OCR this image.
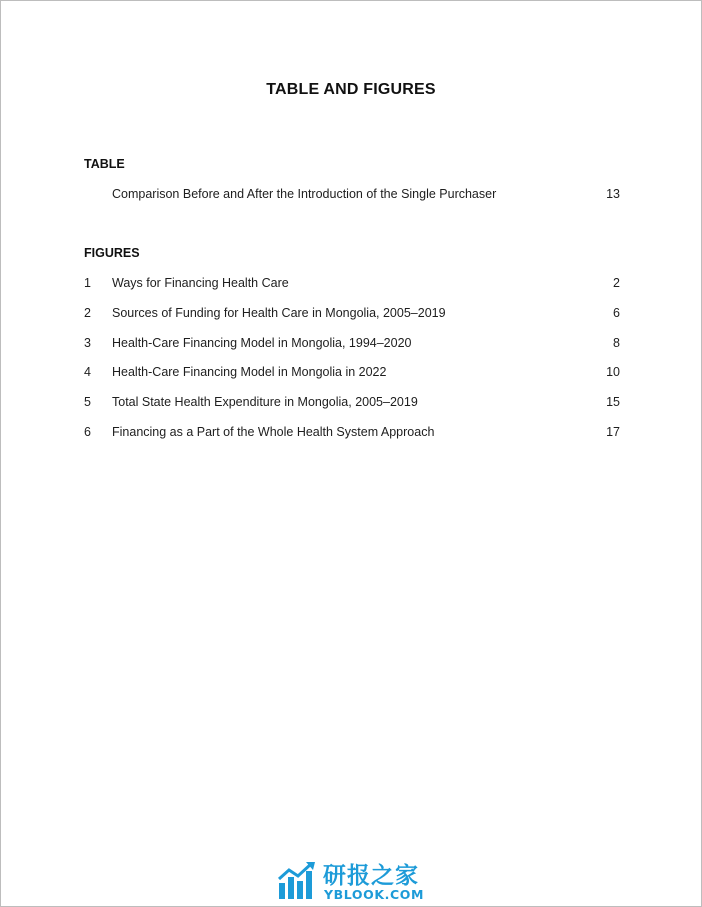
TABLE AND FIGURES
TABLE
Comparison Before and After the Introduction of the Single Purchaser	13
FIGURES
1 Ways for Financing Health Care	2
2 Sources of Funding for Health Care in Mongolia, 2005–2019	6
3 Health-Care Financing Model in Mongolia, 1994–2020	8
4 Health-Care Financing Model in Mongolia in 2022	10
5 Total State Health Expenditure in Mongolia, 2005–2019	15
6 Financing as a Part of the Whole Health System Approach	17
研报之家
YBLOOK.COM
